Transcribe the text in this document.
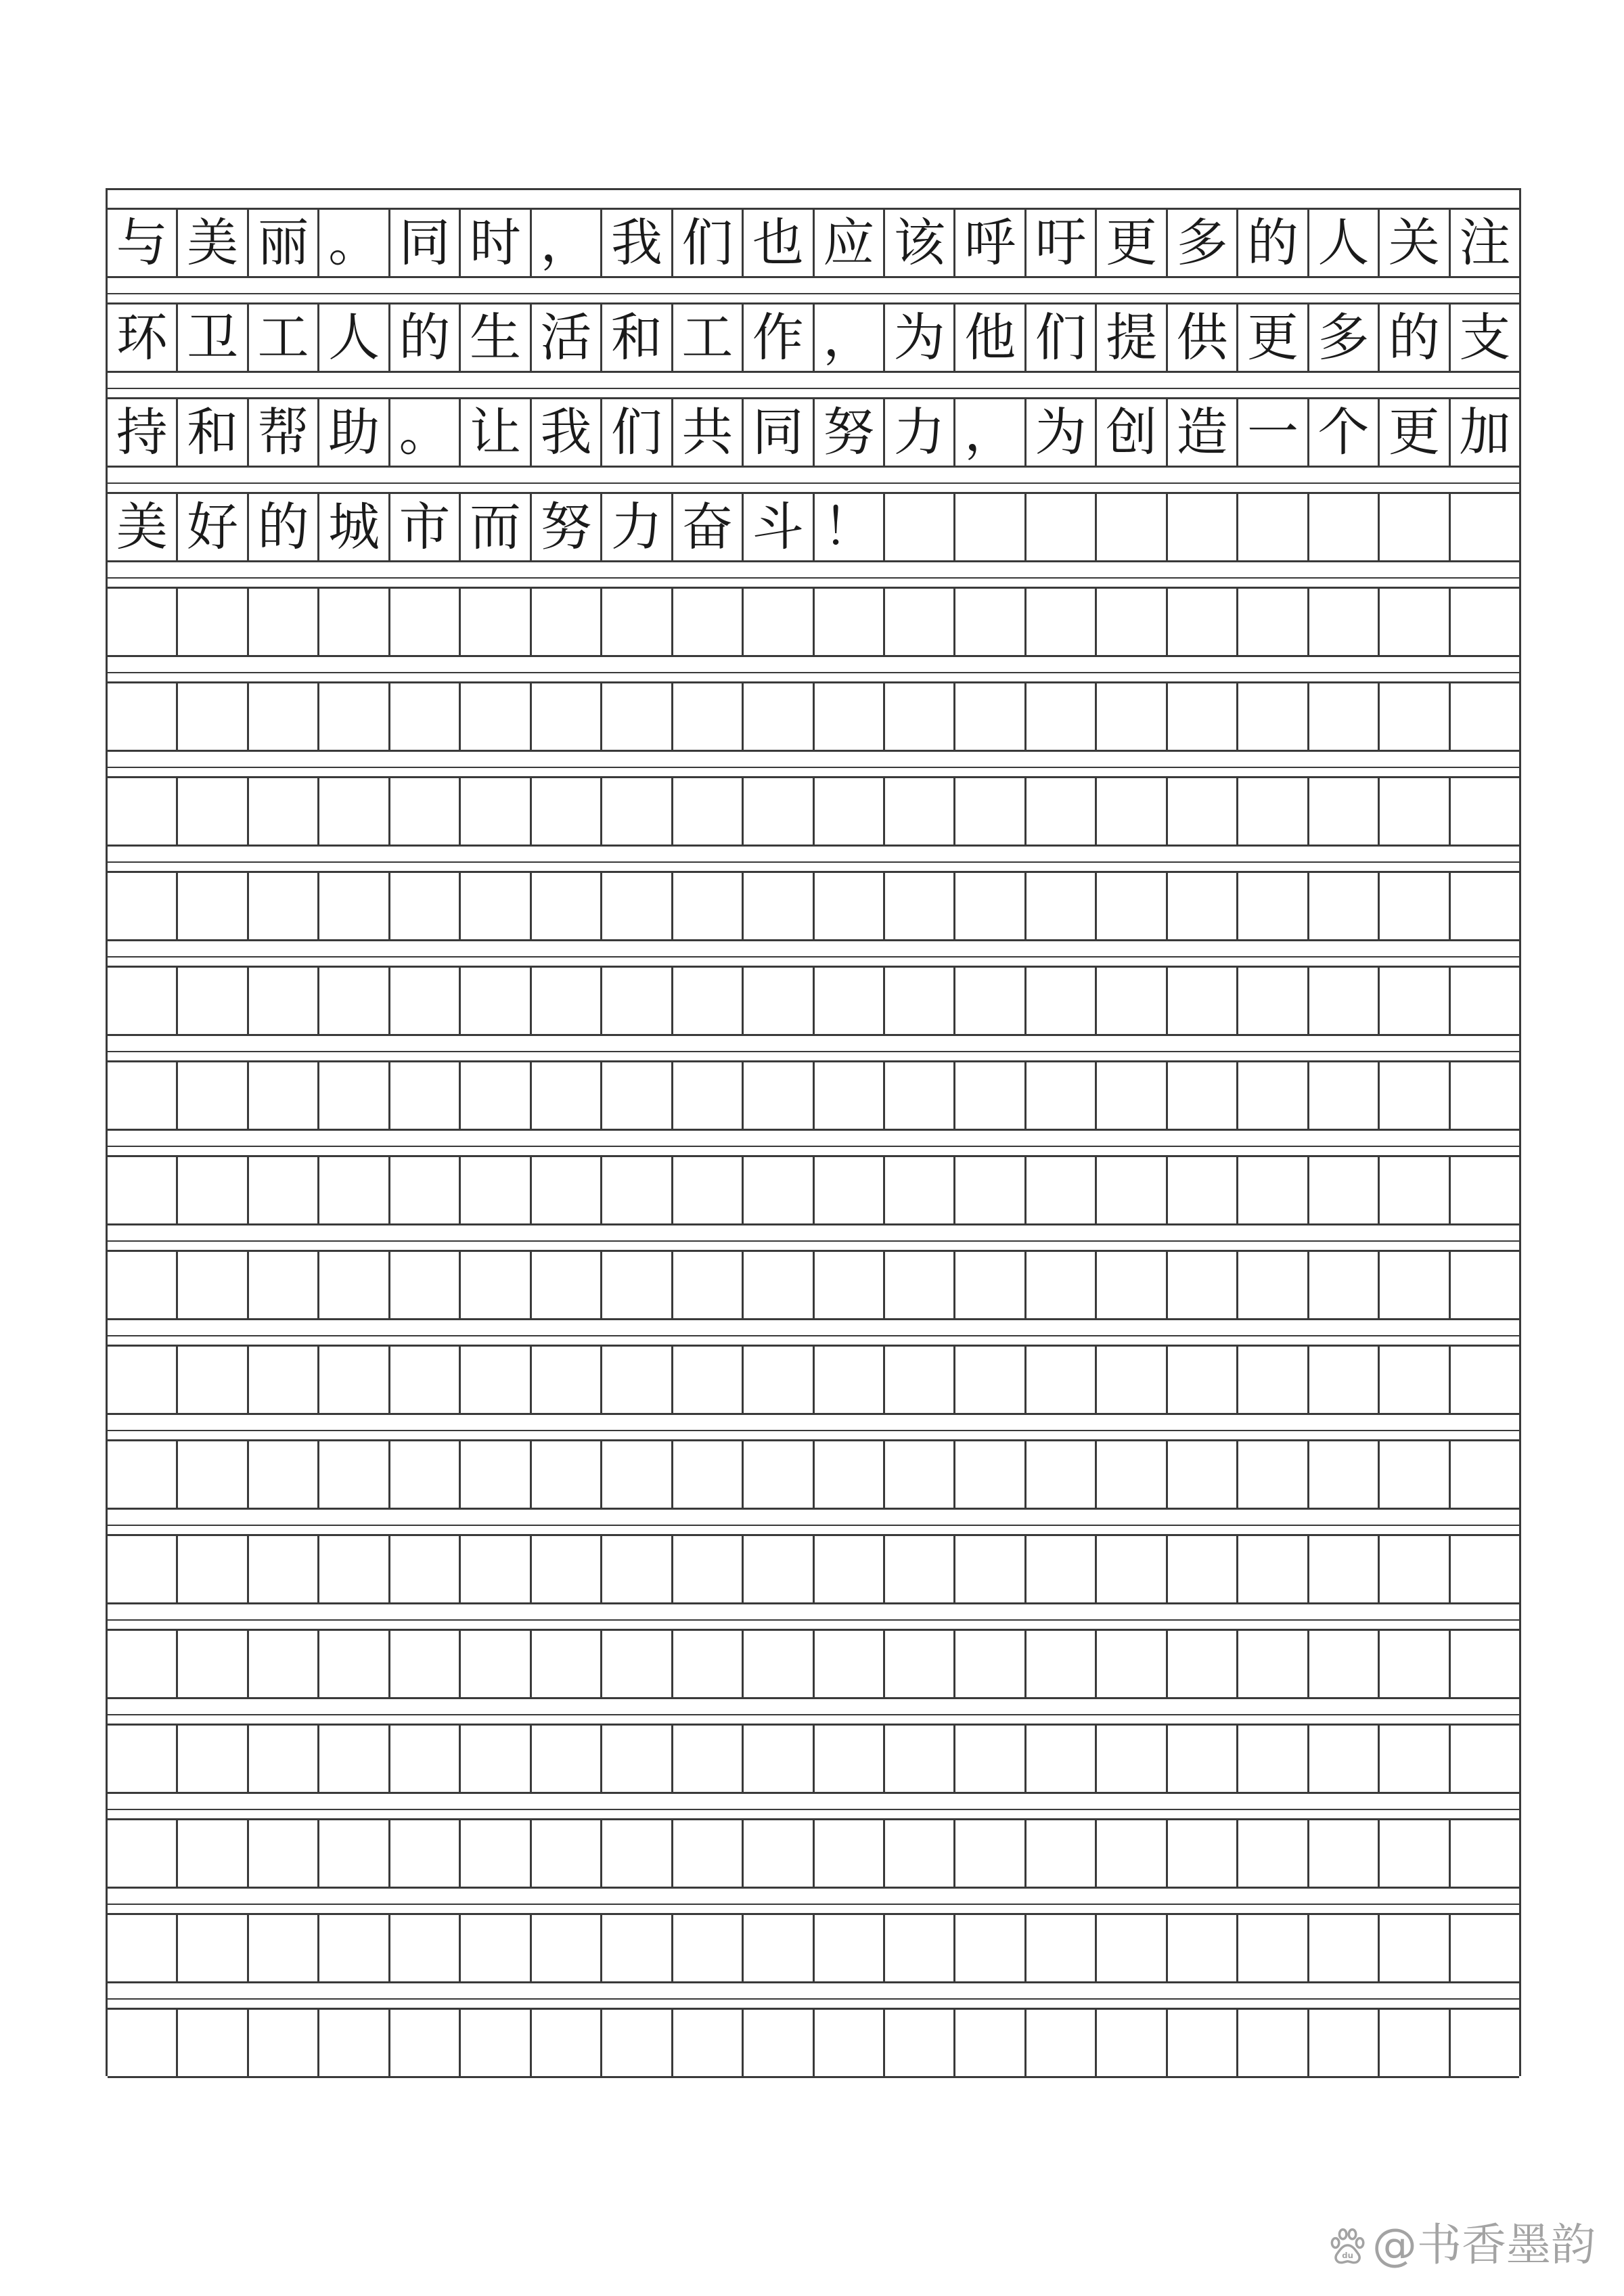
与 美 丽 。 同 时 ， 我 们 也 应 该 呼 吁 更 多 的 人 关 注
环 卫 工 人 的 生 活 和 工 作 ， 为 他 们 提 供 更 多 的 支
持 和 帮 助 。 让 我 们 共 同 努 力 ， 为 创 造 一 个 更 加
美 好 的 城 市 而 努 力 奋 斗 ！
du @书香墨韵
